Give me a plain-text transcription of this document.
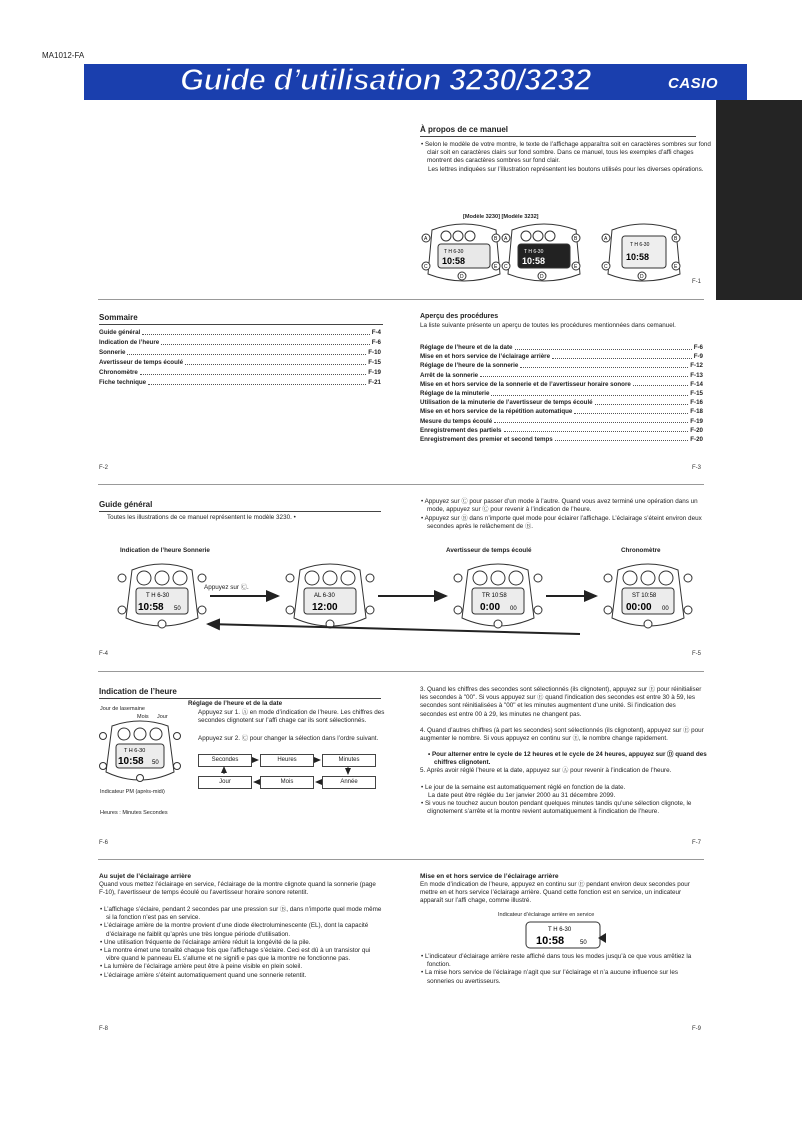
MA1012-FA
Guide d’utilisation 3230/3232	CASIO
À propos de ce manuel
• Selon le modèle de votre montre, le texte de l’affichage apparaîtra soit en caractères sombres sur fond clair soit en caractères clairs sur fond sombre. Dans ce manuel, tous les exemples d’affi chages montrent des caractères sombres sur fond clair.
Les lettres indiquées sur l’illustration représentent les boutons utilisés pour les diverses opérations.
[Modèle 3230] [Modèle 3232]
T H 6-30
10:58
A	B
C	E
D
T H 6-30
10:58
A	B
C	E
D
T H 6-30
10:58
A	B
C	E
D
F-1
Sommaire
Guide général	F-4
Indication de l’heure	F-6
Sonnerie	F-10
Avertisseur de temps écoulé	F-15
Chronomètre	F-19
Fiche technique	F-21
F-2
Aperçu des procédures
La liste suivante présente un aperçu de toutes les procédures mentionnées dans cemanuel.
Réglage de l’heure et de la date	F-6
Mise en et hors service de l’éclairage arrière	F-9
Réglage de l’heure de la sonnerie	F-12
Arrêt de la sonnerie	F-13
Mise en et hors service de la sonnerie et de l’avertisseur horaire sonore	F-14
Réglage de la minuterie	F-15
Utilisation de la minuterie de l’avertisseur de temps écoulé	F-16
Mise en et hors service de la répétition automatique	F-18
Mesure du temps écoulé	F-19
Enregistrement des partiels	F-20
Enregistrement des premier et second temps	F-20
F-3
Guide général
Toutes les illustrations de ce manuel représentent le modèle 3230. •
• Appuyez sur Ⓒ pour passer d’un mode à l’autre. Quand vous avez terminé une opération dans un mode, appuyez sur Ⓒ pour revenir à l’indication de l’heure.
• Appuyez sur Ⓑ dans n’importe quel mode pour éclairer l’affichage. L’éclairage s’éteint environ deux secondes après le relâchement de Ⓑ.
Indication de l’heure Sonnerie	Avertisseur de temps écoulé	Chronomètre
Appuyez sur Ⓒ.
T H 6-30
10:58 50
AL 6-30
12:00
TR 10:58
0:00 00
ST 10:58
00:00 00
F-4	F-5
Indication de l’heure
Réglage de l’heure et de la date
Jour de lasemaine
Mois Jour
T H 6-30
10:58 50
Indicateur PM (après-midi)
Heures : Minutes Secondes
Appuyez sur 1. Ⓐ en mode d’indication de l’heure. Les chiffres des secondes clignotent sur l’affi chage car ils sont sélectionnés.
Appuyez sur 2. Ⓒ pour changer la sélection dans l’ordre suivant.
Secondes	Heures	Minutes
Jour	Mois	Année
3. Quand les chiffres des secondes sont sélectionnés (ils clignotent), appuyez sur Ⓔ pour réinitialiser les secondes à "00". Si vous appuyez sur Ⓔ quand l’indication des secondes est entre 30 à 59, les secondes sont réinitialisées à "00" et les minutes augmentent d’une unité. Si l’indication des secondes est entre 00 à 29, les minutes ne changent pas.
4. Quand d’autres chiffres (à part les secondes) sont sélectionnés (ils clignotent), appuyez sur Ⓔ pour augmenter le nombre. Si vous appuyez en continu sur Ⓔ, le nombre change rapidement.
• Pour alterner entre le cycle de 12 heures et le cycle de 24 heures, appuyez sur Ⓓ quand des chiffres clignotent.
5. Après avoir réglé l’heure et la date, appuyez sur Ⓐ pour revenir à l’indication de l’heure.
• Le jour de la semaine est automatiquement réglé en fonction de la date.
La date peut être réglée du 1er janvier 2000 au 31 décembre 2099.
• Si vous ne touchez aucun bouton pendant quelques minutes tandis qu’une sélection clignote, le clignotement s’arrête et la montre revient automatiquement à l’indication de l’heure.
F-6	F-7
Au sujet de l’éclairage arrière
Quand vous mettez l’éclairage en service, l’éclairage de la montre clignote quand la sonnerie (page F-10), l’avertisseur de temps écoulé ou l’avertisseur horaire sonore retentit.
• L’affichage s’éclaire, pendant 2 secondes par une pression sur Ⓑ, dans n’importe quel mode même si la fonction n’est pas en service.
• L’éclairage arrière de la montre provient d’une diode électroluminescente (EL), dont la capacité d’éclairage ne faiblit qu’après une très longue période d’utilisation.
• Une utilisation fréquente de l’éclairage arrière réduit la longévité de la pile.
• La montre émet une tonalité chaque fois que l’affichage s’éclaire. Ceci est dû à un transistor qui vibre quand le panneau EL s’allume et ne signifi e pas que la montre ne fonctionne pas.
• La lumière de l’éclairage arrière peut être à peine visible en plein soleil.
• L’éclairage arrière s’éteint automatiquement quand une sonnerie retentit.
Mise en et hors service de l’éclairage arrière
En mode d’indication de l’heure, appuyez en continu sur Ⓔ pendant environ deux secondes pour mettre en et hors service l’éclairage arrière. Quand cette fonction est en service, un indicateur apparaît sur l’affi chage, comme illustré.
Indicateur d’éclairage arrière en service
T H 6-30
10:58	50
• L’indicateur d’éclairage arrière reste affiché dans tous les modes jusqu’à ce que vous arrêtiez la fonction.
• La mise hors service de l’éclairage n’agit que sur l’éclairage et n’a aucune influence sur les sonneries ou avertisseurs.
F-8	F-9
